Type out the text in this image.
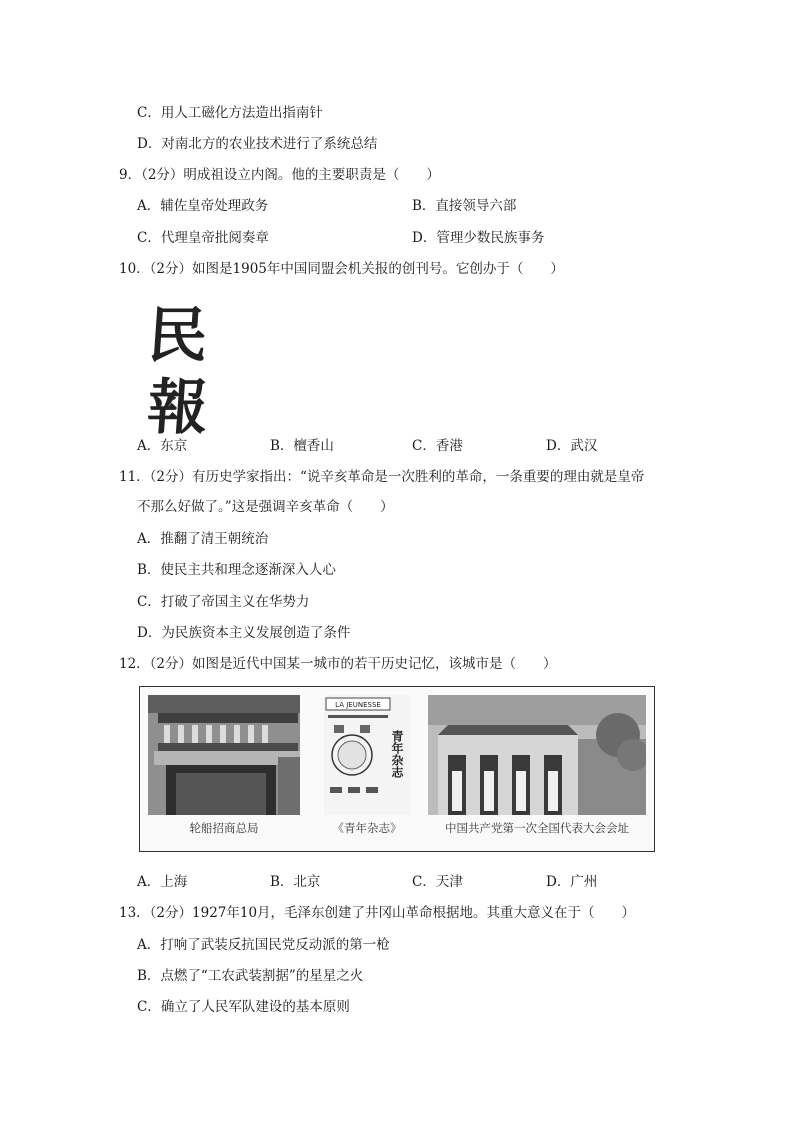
C．用人工磁化方法造出指南针
D．对南北方的农业技术进行了系统总结
9．（2分）明成祖设立内阁。他的主要职责是（　　）
A．辅佐皇帝处理政务	B．直接领导六部
C．代理皇帝批阅奏章	D．管理少数民族事务
10．（2分）如图是1905年中国同盟会机关报的创刊号。它创办于（　　）
民
報
A．东京	B．檀香山	C．香港	D．武汉
11．（2分）有历史学家指出：“说辛亥革命是一次胜利的革命，一条重要的理由就是皇帝
不那么好做了。”这是强调辛亥革命（　　）
A．推翻了清王朝统治
B．使民主共和理念逐渐深入人心
C．打破了帝国主义在华势力
D．为民族资本主义发展创造了条件
12．（2分）如图是近代中国某一城市的若干历史记忆，该城市是（　　）
LA JEUNESSE
青年杂志
轮船招商总局	《青年杂志》	中国共产党第一次全国代表大会会址
A．上海	B．北京	C．天津	D．广州
13．（2分）1927年10月，毛泽东创建了井冈山革命根据地。其重大意义在于（　　）
A．打响了武装反抗国民党反动派的第一枪
B．点燃了“工农武装割据”的星星之火
C．确立了人民军队建设的基本原则
